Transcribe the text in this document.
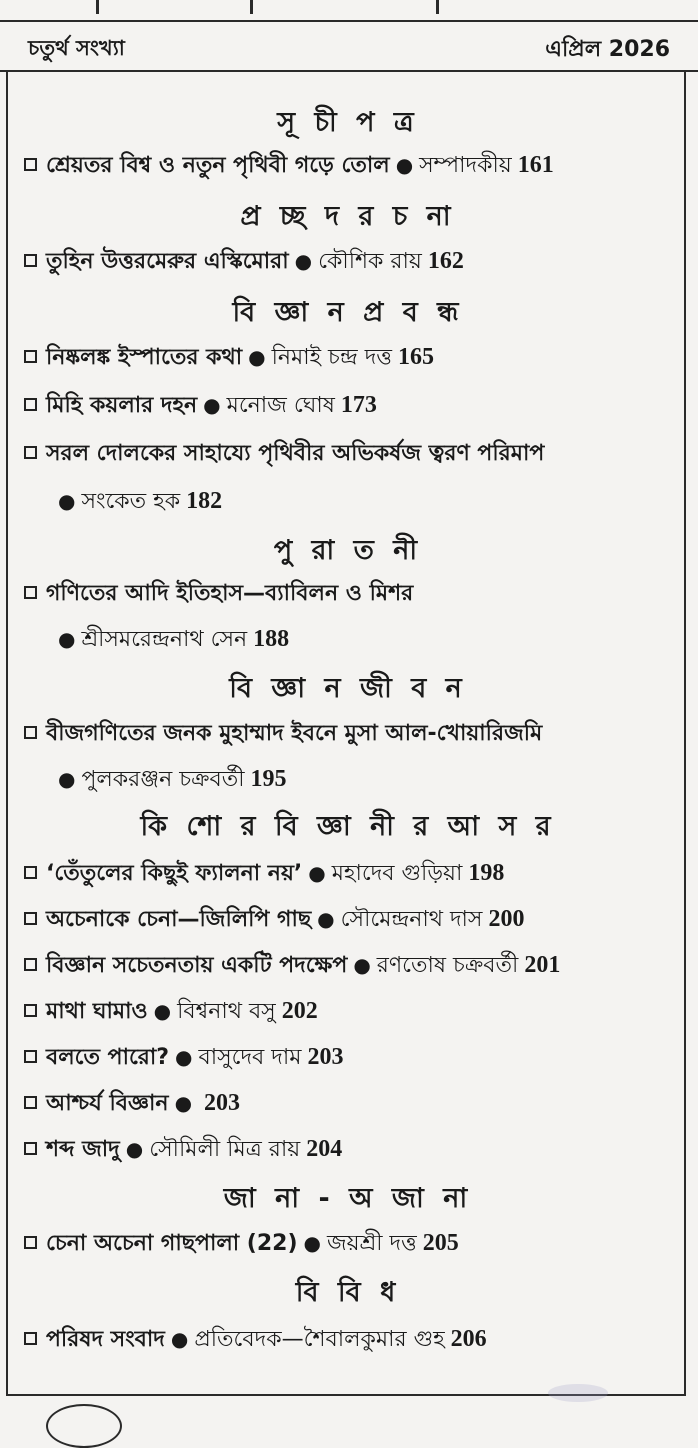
চতুর্থ সংখ্যা	এপ্রিল 2026
সূ চী প ত্র
শ্রেয়তর বিশ্ব ও নতুন পৃথিবী গড়ে তোল ● সম্পাদকীয় 161
প্র চ্ছ দ র চ না
তুহিন উত্তরমেরুর এস্কিমোরা ● কৌশিক রায় 162
বি জ্ঞা ন প্র ব ন্ধ
নিষ্কলঙ্ক ইস্পাতের কথা ● নিমাই চন্দ্র দত্ত 165
মিহি কয়লার দহন ● মনোজ ঘোষ 173
সরল দোলকের সাহায্যে পৃথিবীর অভিকর্ষজ ত্বরণ পরিমাপ
● সংকেত হক 182
পু রা ত নী
গণিতের আদি ইতিহাস—ব্যাবিলন ও মিশর
● শ্রীসমরেন্দ্রনাথ সেন 188
বি জ্ঞা ন জী ব ন
বীজগণিতের জনক মুহাম্মাদ ইবনে মুসা আল-খোয়ারিজমি
● পুলকরঞ্জন চক্রবর্তী 195
কি শো র বি জ্ঞা নী র আ স র
‘তেঁতুলের কিছুই ফ্যালনা নয়’ ● মহাদেব গুড়িয়া 198
অচেনাকে চেনা—জিলিপি গাছ ● সৌমেন্দ্রনাথ দাস 200
বিজ্ঞান সচেতনতায় একটি পদক্ষেপ ● রণতোষ চক্রবর্তী 201
মাথা ঘামাও ● বিশ্বনাথ বসু 202
বলতে পারো? ● বাসুদেব দাম 203
আশ্চর্য বিজ্ঞান ● 203
শব্দ জাদু ● সৌমিলী মিত্র রায় 204
জা না - অ জা না
চেনা অচেনা গাছপালা (22) ● জয়শ্রী দত্ত 205
বি বি ধ
পরিষদ সংবাদ ● প্রতিবেদক—শৈবালকুমার গুহ 206
